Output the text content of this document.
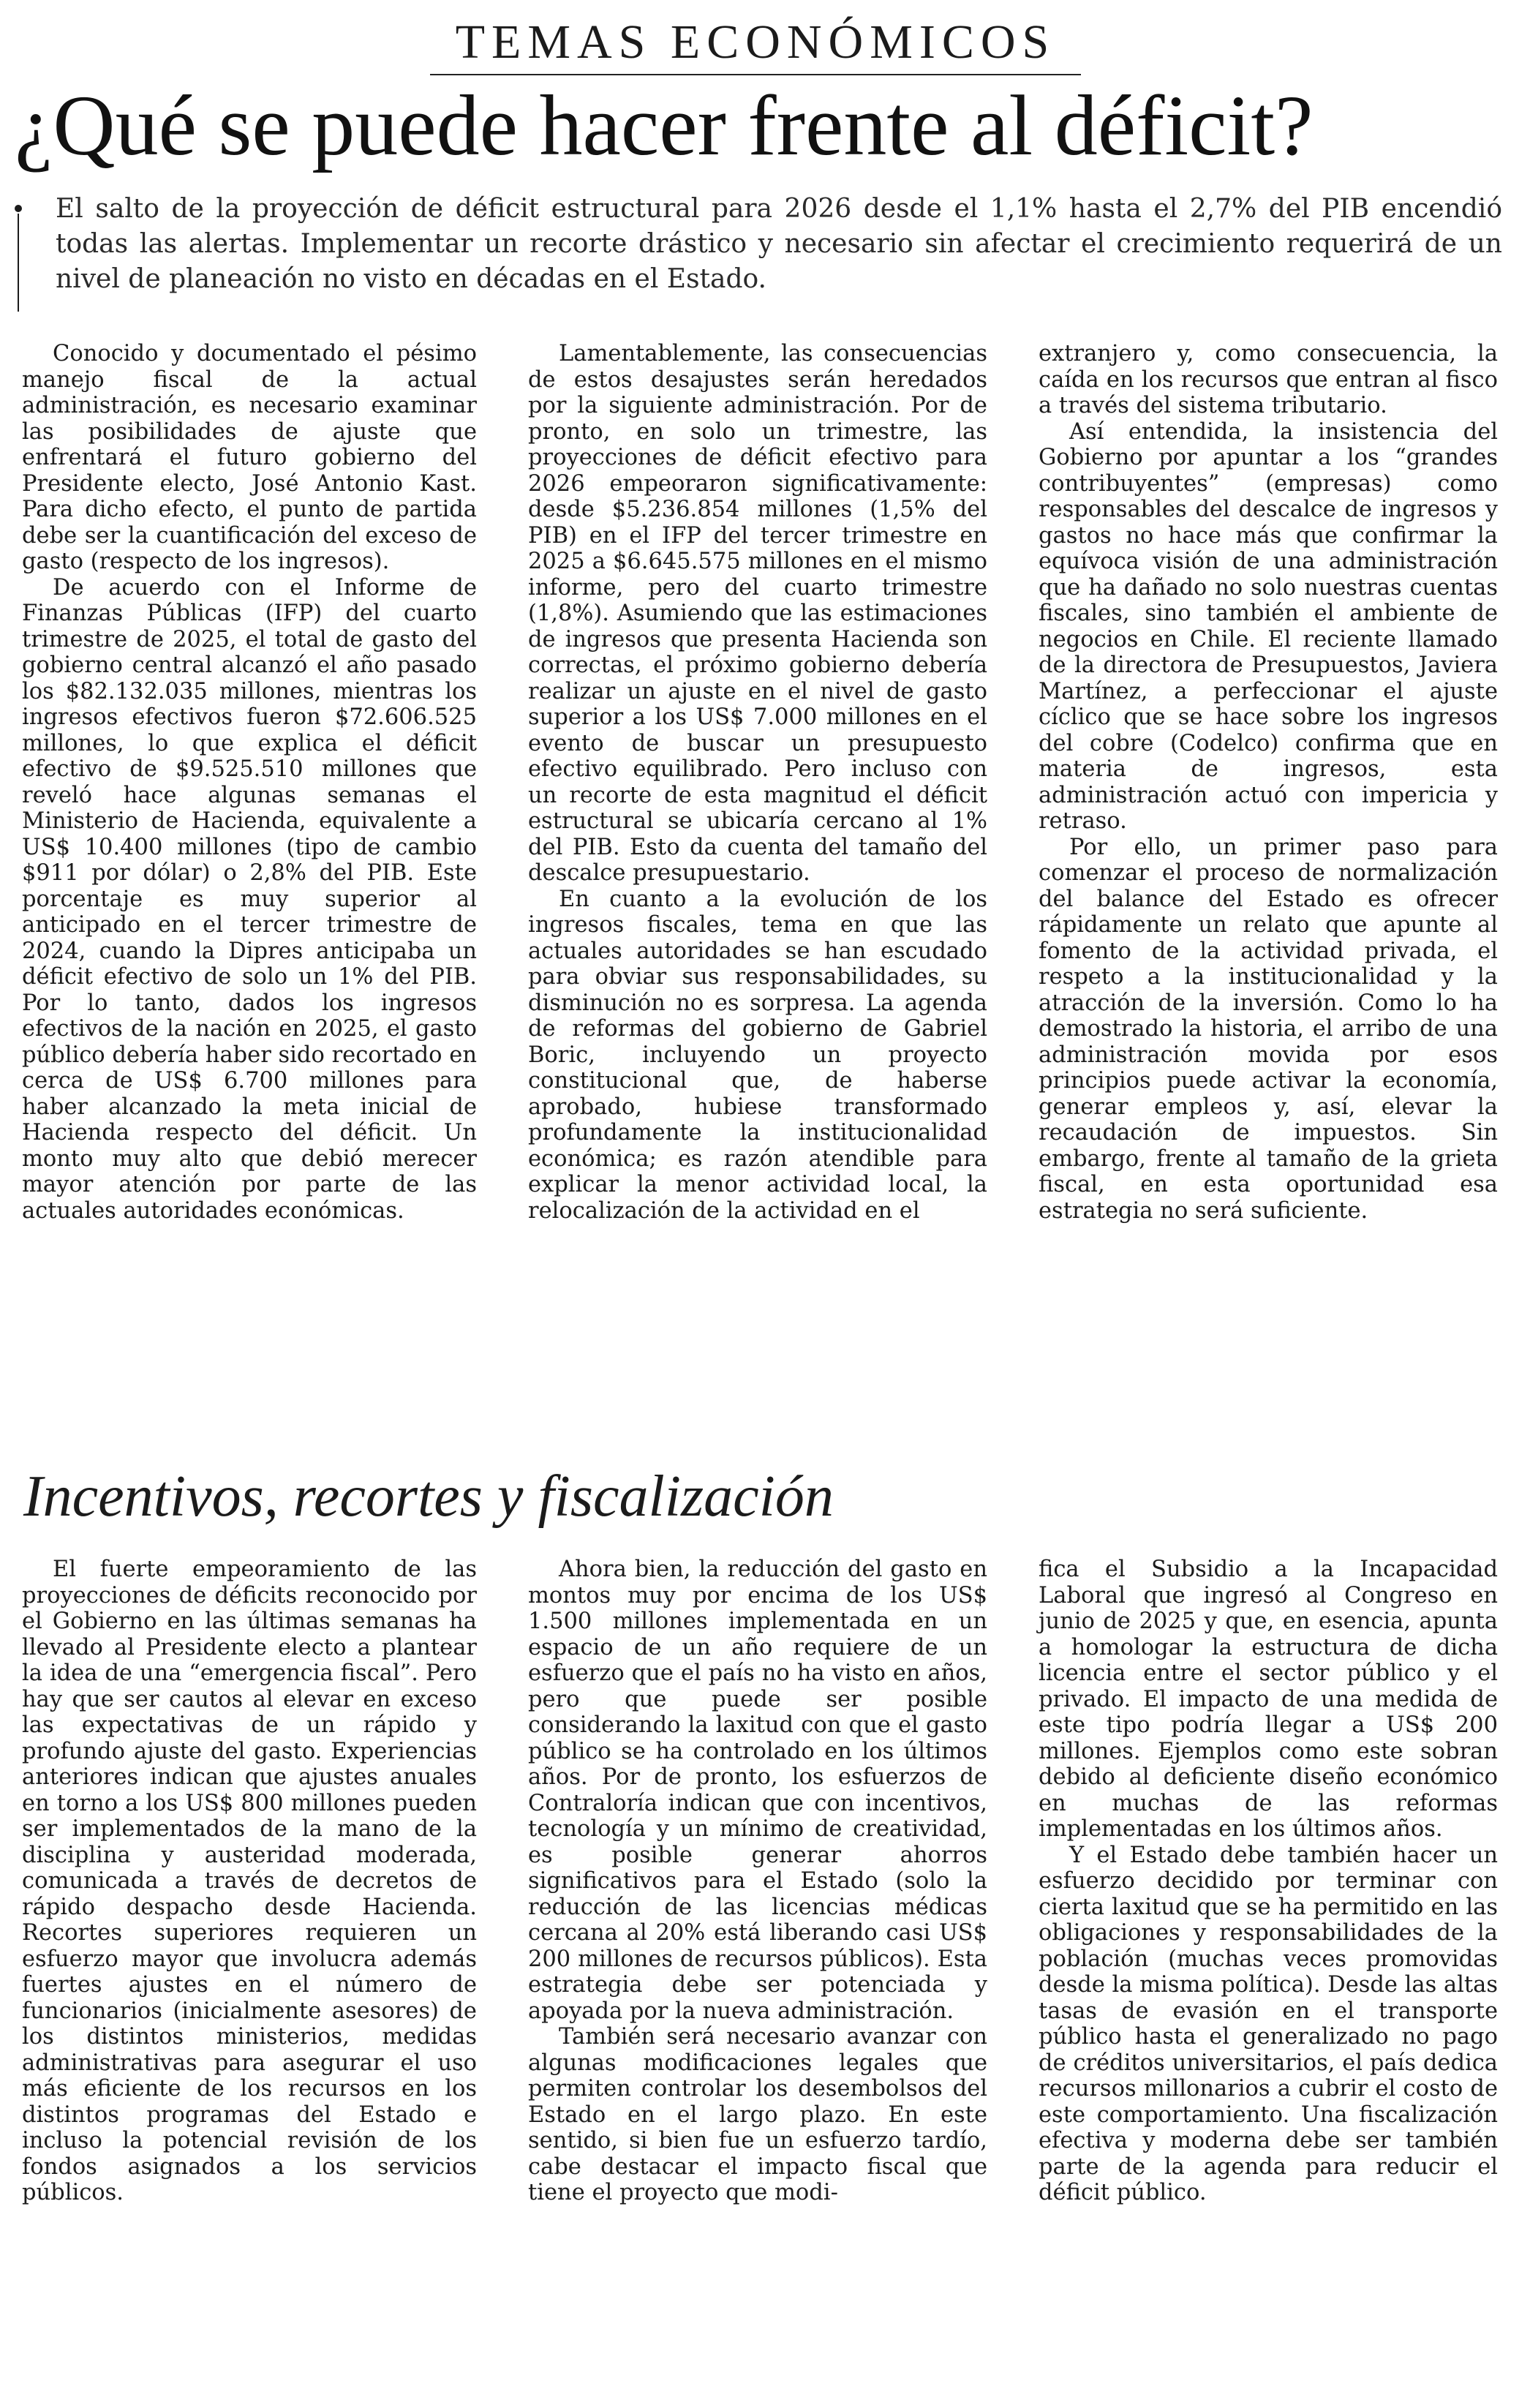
TEMAS ECONÓMICOS
¿Qué se puede hacer frente al déficit?

El salto de la proyección de déficit estructural para 2026 desde el 1,1% hasta el 2,7% del PIB encendió todas las alertas. Implementar un recorte drástico y necesario sin afectar el crecimiento requerirá de un nivel de planeación no visto en décadas en el Estado.

Conocido y documentado el pésimo manejo fiscal de la actual administración, es necesario examinar las posibilidades de ajuste que enfrentará el futuro gobierno del Presidente electo, José Antonio Kast. Para dicho efecto, el punto de partida debe ser la cuantificación del exceso de gasto (respecto de los ingresos).

De acuerdo con el Informe de Finanzas Públicas (IFP) del cuarto trimestre de 2025, el total de gasto del gobierno central alcanzó el año pasado los $82.132.035 millones, mientras los ingresos efectivos fueron $72.606.525 millones, lo que explica el déficit efectivo de $9.525.510 millones que reveló hace algunas semanas el Ministerio de Hacienda, equivalente a US$ 10.400 millones (tipo de cambio $911 por dólar) o 2,8% del PIB. Este porcentaje es muy superior al anticipado en el tercer trimestre de 2024, cuando la Dipres anticipaba un déficit efectivo de solo un 1% del PIB. Por lo tanto, dados los ingresos efectivos de la nación en 2025, el gasto público debería haber sido recortado en cerca de US$ 6.700 millones para haber alcanzado la meta inicial de Hacienda respecto del déficit. Un monto muy alto que debió merecer mayor atención por parte de las actuales autoridades económicas.

Lamentablemente, las consecuencias de estos desajustes serán heredados por la siguiente administración. Por de pronto, en solo un trimestre, las proyecciones de déficit efectivo para 2026 empeoraron significativamente: desde $5.236.854 millones (1,5% del PIB) en el IFP del tercer trimestre en 2025 a $6.645.575 millones en el mismo informe, pero del cuarto trimestre (1,8%). Asumiendo que las estimaciones de ingresos que presenta Hacienda son correctas, el próximo gobierno debería realizar un ajuste en el nivel de gasto superior a los US$ 7.000 millones en el evento de buscar un presupuesto efectivo equilibrado. Pero incluso con un recorte de esta magnitud el déficit estructural se ubicaría cercano al 1% del PIB. Esto da cuenta del tamaño del descalce presupuestario.

En cuanto a la evolución de los ingresos fiscales, tema en que las actuales autoridades se han escudado para obviar sus responsabilidades, su disminución no es sorpresa. La agenda de reformas del gobierno de Gabriel Boric, incluyendo un proyecto constitucional que, de haberse aprobado, hubiese transformado profundamente la institucionalidad económica; es razón atendible para explicar la menor actividad local, la relocalización de la actividad en el

extranjero y, como consecuencia, la caída en los recursos que entran al fisco a través del sistema tributario.

Así entendida, la insistencia del Gobierno por apuntar a los “grandes contribuyentes” (empresas) como responsables del descalce de ingresos y gastos no hace más que confirmar la equívoca visión de una administración que ha dañado no solo nuestras cuentas fiscales, sino también el ambiente de negocios en Chile. El reciente llamado de la directora de Presupuestos, Javiera Martínez, a perfeccionar el ajuste cíclico que se hace sobre los ingresos del cobre (Codelco) confirma que en materia de ingresos, esta administración actuó con impericia y retraso.

Por ello, un primer paso para comenzar el proceso de normalización del balance del Estado es ofrecer rápidamente un relato que apunte al fomento de la actividad privada, el respeto a la institucionalidad y la atracción de la inversión. Como lo ha demostrado la historia, el arribo de una administración movida por esos principios puede activar la economía, generar empleos y, así, elevar la recaudación de impuestos. Sin embargo, frente al tamaño de la grieta fiscal, en esta oportunidad esa estrategia no será suficiente.

Incentivos, recortes y fiscalización

El fuerte empeoramiento de las proyecciones de déficits reconocido por el Gobierno en las últimas semanas ha llevado al Presidente electo a plantear la idea de una “emergencia fiscal”. Pero hay que ser cautos al elevar en exceso las expectativas de un rápido y profundo ajuste del gasto. Experiencias anteriores indican que ajustes anuales en torno a los US$ 800 millones pueden ser implementados de la mano de la disciplina y austeridad moderada, comunicada a través de decretos de rápido despacho desde Hacienda. Recortes superiores requieren un esfuerzo mayor que involucra además fuertes ajustes en el número de funcionarios (inicialmente asesores) de los distintos ministerios, medidas administrativas para asegurar el uso más eficiente de los recursos en los distintos programas del Estado e incluso la potencial revisión de los fondos asignados a los servicios públicos.

Ahora bien, la reducción del gasto en montos muy por encima de los US$ 1.500 millones implementada en un espacio de un año requiere de un esfuerzo que el país no ha visto en años, pero que puede ser posible considerando la laxitud con que el gasto público se ha controlado en los últimos años. Por de pronto, los esfuerzos de Contraloría indican que con incentivos, tecnología y un mínimo de creatividad, es posible generar ahorros significativos para el Estado (solo la reducción de las licencias médicas cercana al 20% está liberando casi US$ 200 millones de recursos públicos). Esta estrategia debe ser potenciada y apoyada por la nueva administración.

También será necesario avanzar con algunas modificaciones legales que permiten controlar los desembolsos del Estado en el largo plazo. En este sentido, si bien fue un esfuerzo tardío, cabe destacar el impacto fiscal que tiene el proyecto que modi-

fica el Subsidio a la Incapacidad Laboral que ingresó al Congreso en junio de 2025 y que, en esencia, apunta a homologar la estructura de dicha licencia entre el sector público y el privado. El impacto de una medida de este tipo podría llegar a US$ 200 millones. Ejemplos como este sobran debido al deficiente diseño económico en muchas de las reformas implementadas en los últimos años.

Y el Estado debe también hacer un esfuerzo decidido por terminar con cierta laxitud que se ha permitido en las obligaciones y responsabilidades de la población (muchas veces promovidas desde la misma política). Desde las altas tasas de evasión en el transporte público hasta el generalizado no pago de créditos universitarios, el país dedica recursos millonarios a cubrir el costo de este comportamiento. Una fiscalización efectiva y moderna debe ser también parte de la agenda para reducir el déficit público.
